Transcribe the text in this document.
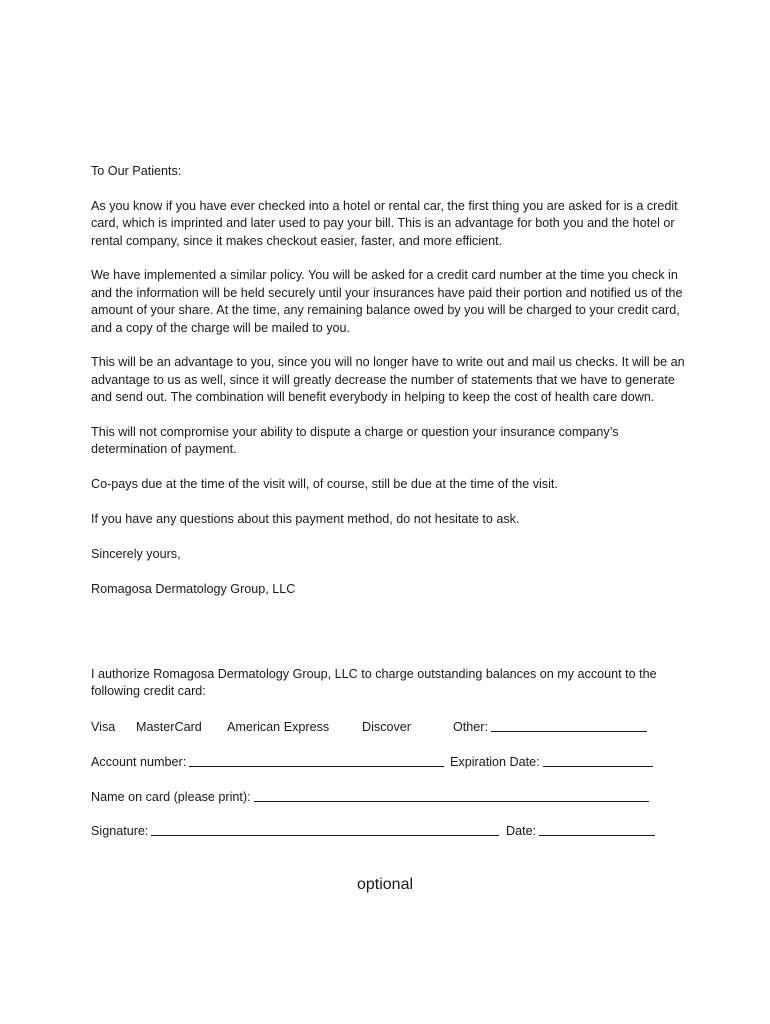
To Our Patients:

As you know if you have ever checked into a hotel or rental car, the first thing you are asked for is a credit card, which is imprinted and later used to pay your bill. This is an advantage for both you and the hotel or rental company, since it makes checkout easier, faster, and more efficient.

We have implemented a similar policy. You will be asked for a credit card number at the time you check in and the information will be held securely until your insurances have paid their portion and notified us of the amount of your share. At the time, any remaining balance owed by you will be charged to your credit card, and a copy of the charge will be mailed to you.

This will be an advantage to you, since you will no longer have to write out and mail us checks. It will be an advantage to us as well, since it will greatly decrease the number of statements that we have to generate and send out. The combination will benefit everybody in helping to keep the cost of health care down.

This will not compromise your ability to dispute a charge or question your insurance company’s determination of payment.

Co-pays due at the time of the visit will, of course, still be due at the time of the visit.

If you have any questions about this payment method, do not hesitate to ask.

Sincerely yours,

Romagosa Dermatology Group, LLC

I authorize Romagosa Dermatology Group, LLC to charge outstanding balances on my account to the following credit card:

Visa MasterCard American Express	Discover	Other:
Account number:	Expiration Date:
Name on card (please print):
Signature:	Date:
optional
